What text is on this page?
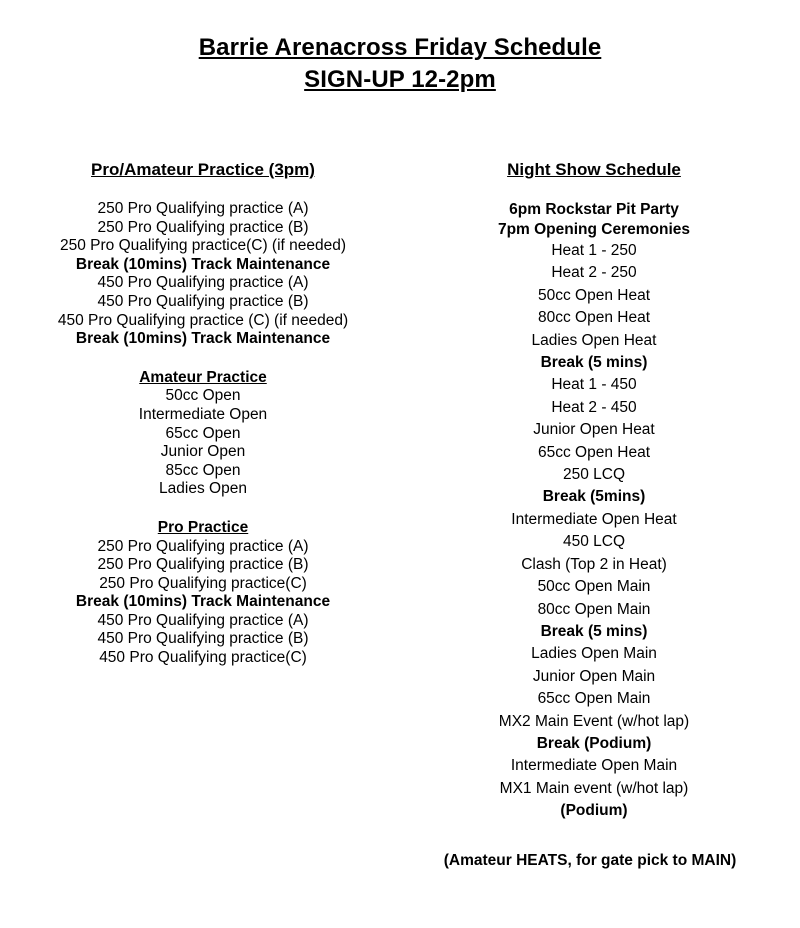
Barrie Arenacross Friday Schedule
SIGN-UP 12-2pm
Pro/Amateur Practice (3pm)
250 Pro Qualifying practice (A)
250 Pro Qualifying practice (B)
250 Pro Qualifying practice(C) (if needed)
Break (10mins) Track Maintenance
450 Pro Qualifying practice (A)
450 Pro Qualifying practice (B)
450 Pro Qualifying practice (C) (if needed)
Break (10mins) Track Maintenance
Amateur Practice
50cc Open
Intermediate Open
65cc Open
Junior Open
85cc Open
Ladies Open
Pro Practice
250 Pro Qualifying practice (A)
250 Pro Qualifying practice (B)
250 Pro Qualifying practice(C)
Break (10mins) Track Maintenance
450 Pro Qualifying practice (A)
450 Pro Qualifying practice (B)
450 Pro Qualifying practice(C)
Night Show Schedule
6pm Rockstar Pit Party
7pm Opening Ceremonies
Heat 1 - 250
Heat 2 - 250
50cc Open Heat
80cc Open Heat
Ladies Open Heat
Break (5 mins)
Heat 1 - 450
Heat 2 - 450
Junior Open Heat
65cc Open Heat
250 LCQ
Break (5mins)
Intermediate Open Heat
450 LCQ
Clash (Top 2 in Heat)
50cc Open Main
80cc Open Main
Break (5 mins)
Ladies Open Main
Junior Open Main
65cc Open Main
MX2 Main Event (w/hot lap)
Break (Podium)
Intermediate Open Main
MX1 Main event (w/hot lap)
(Podium)
(Amateur HEATS, for gate pick to MAIN)
